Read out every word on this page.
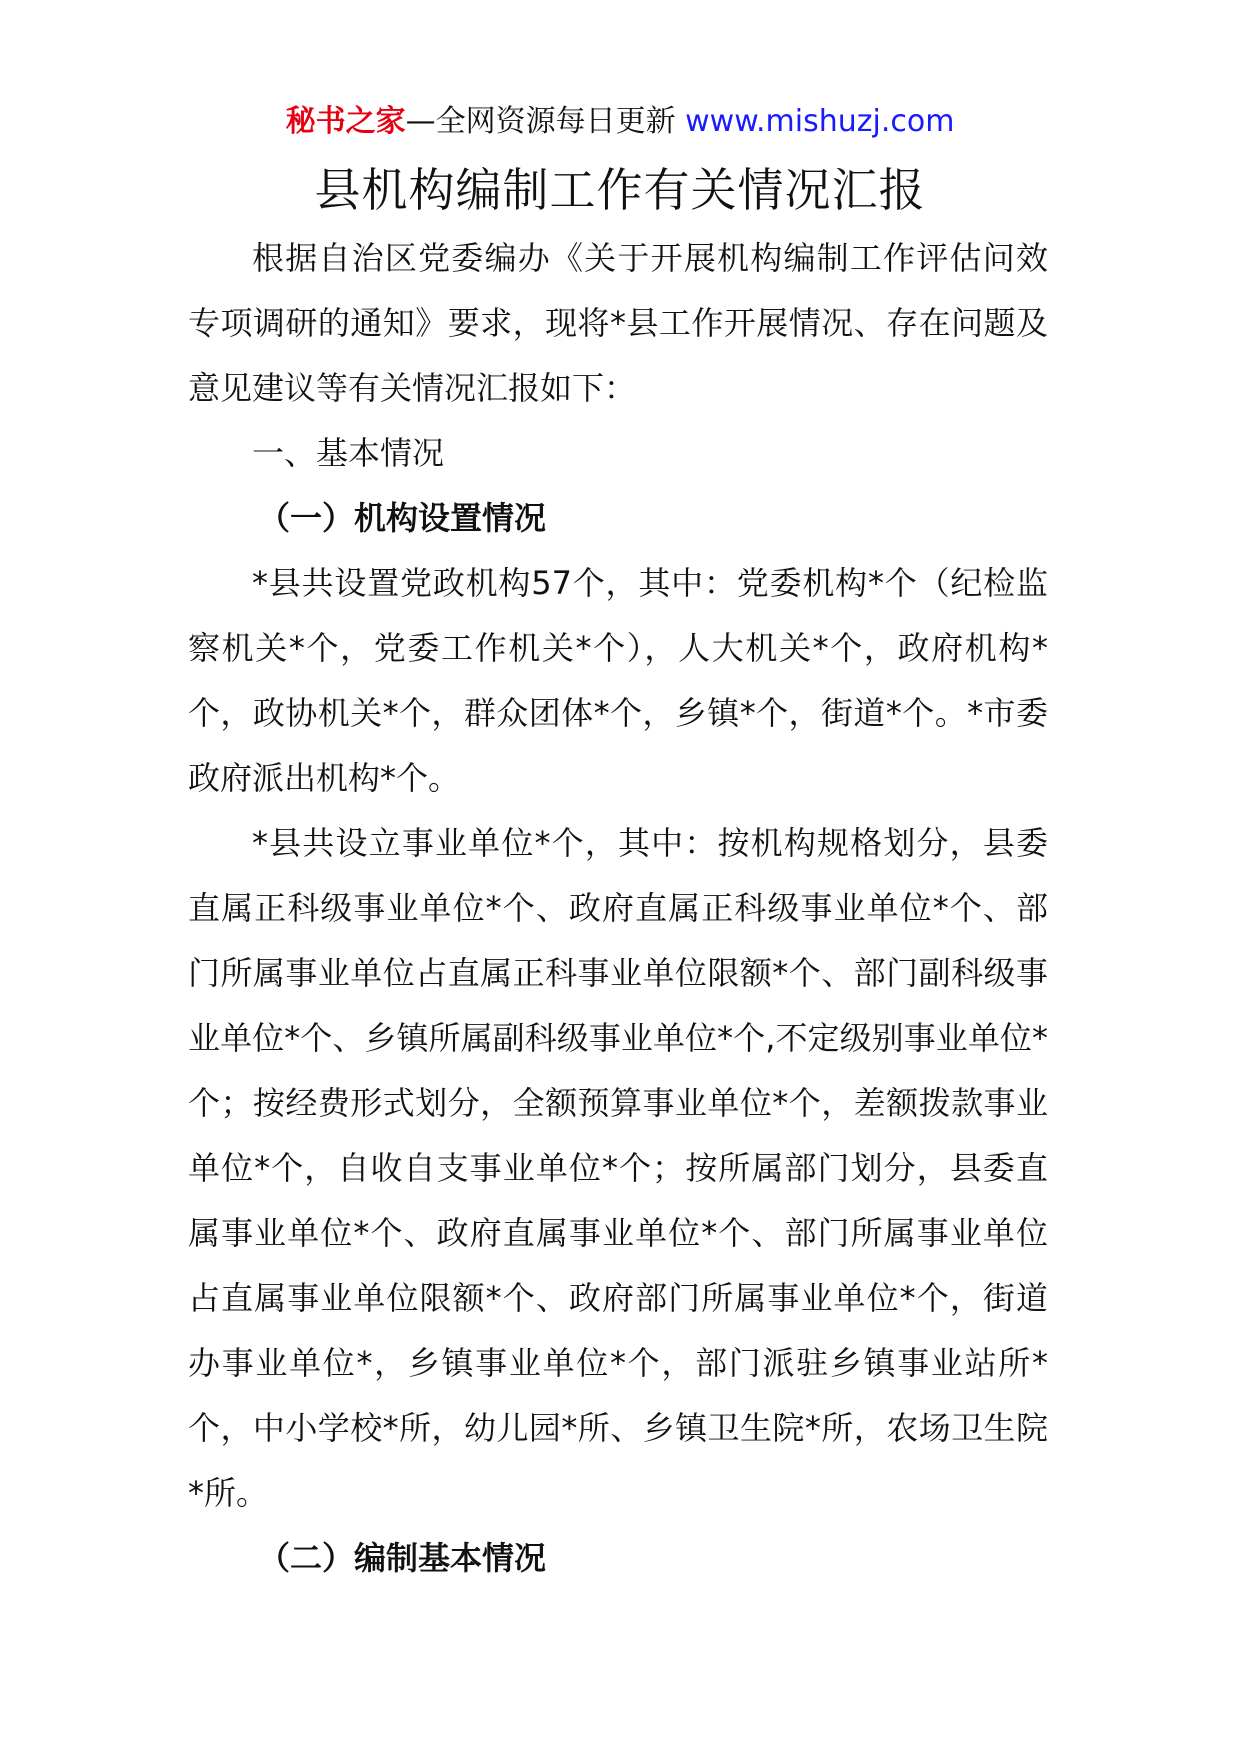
秘书之家—全网资源每日更新 www.mishuzj.com
县机构编制工作有关情况汇报

根据自治区党委编办《关于开展机构编制工作评估问效专项调研的通知》要求，现将*县工作开展情况、存在问题及意见建议等有关情况汇报如下：

一、基本情况

（一）机构设置情况

*县共设置党政机构57个，其中：党委机构*个（纪检监察机关*个，党委工作机关*个），人大机关*个，政府机构*个，政协机关*个，群众团体*个，乡镇*个，街道*个。*市委政府派出机构*个。

*县共设立事业单位*个，其中：按机构规格划分，县委直属正科级事业单位*个、政府直属正科级事业单位*个、部门所属事业单位占直属正科事业单位限额*个、部门副科级事业单位*个、乡镇所属副科级事业单位*个,不定级别事业单位*个；按经费形式划分，全额预算事业单位*个，差额拨款事业单位*个，自收自支事业单位*个；按所属部门划分，县委直属事业单位*个、政府直属事业单位*个、部门所属事业单位占直属事业单位限额*个、政府部门所属事业单位*个，街道办事业单位*，乡镇事业单位*个，部门派驻乡镇事业站所*个，中小学校*所，幼儿园*所、乡镇卫生院*所，农场卫生院*所。

（二）编制基本情况
